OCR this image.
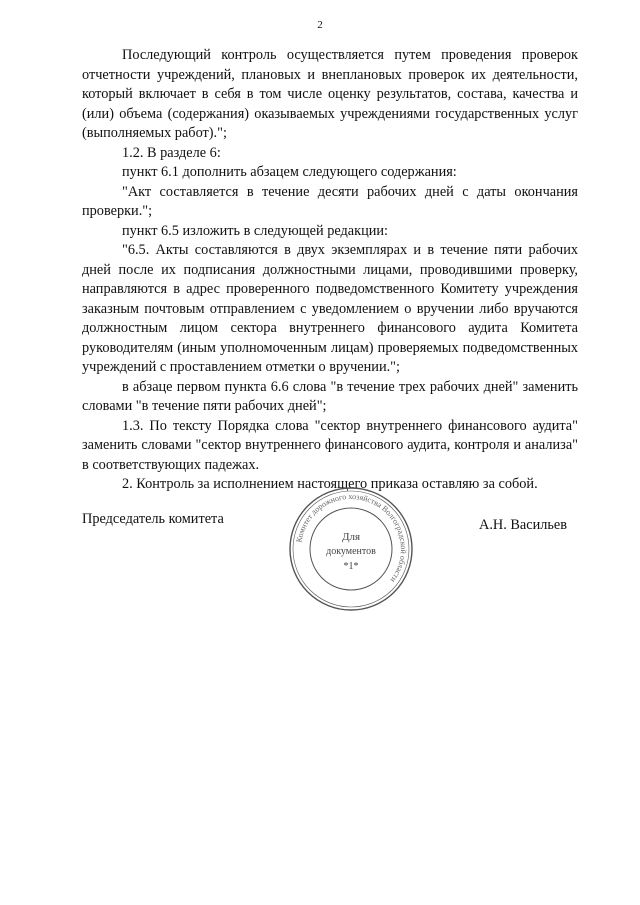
2

Последующий контроль осуществляется путем проведения проверок отчетности учреждений, плановых и внеплановых проверок их деятельности, который включает в себя в том числе оценку результатов, состава, качества и (или) объема (содержания) оказываемых учреждениями государственных услуг (выполняемых работ).";

1.2. В разделе 6:

пункт 6.1 дополнить абзацем следующего содержания:

"Акт составляется в течение десяти рабочих дней с даты окончания проверки.";

пункт 6.5 изложить в следующей редакции:

"6.5. Акты составляются в двух экземплярах и в течение пяти рабочих дней после их подписания должностными лицами, проводившими проверку, направляются в адрес проверенного подведомственного Комитету учреждения заказным почтовым отправлением с уведомлением о вручении либо вручаются должностным лицом сектора внутреннего финансового аудита Комитета руководителям (иным уполномоченным лицам) проверяемых подведомственных учреждений с проставлением отметки о вручении.";

в абзаце первом пункта 6.6 слова "в течение трех рабочих дней" заменить словами "в течение пяти рабочих дней";

1.3. По тексту Порядка слова "сектор внутреннего финансового аудита" заменить словами "сектор внутреннего финансового аудита, контроля и анализа" в соответствующих падежах.

2. Контроль за исполнением настоящего приказа оставляю за собой.

Председатель комитета
Комитет дорожного хозяйства Волгоградской области
Для
документов
*1*
А.Н. Васильев
